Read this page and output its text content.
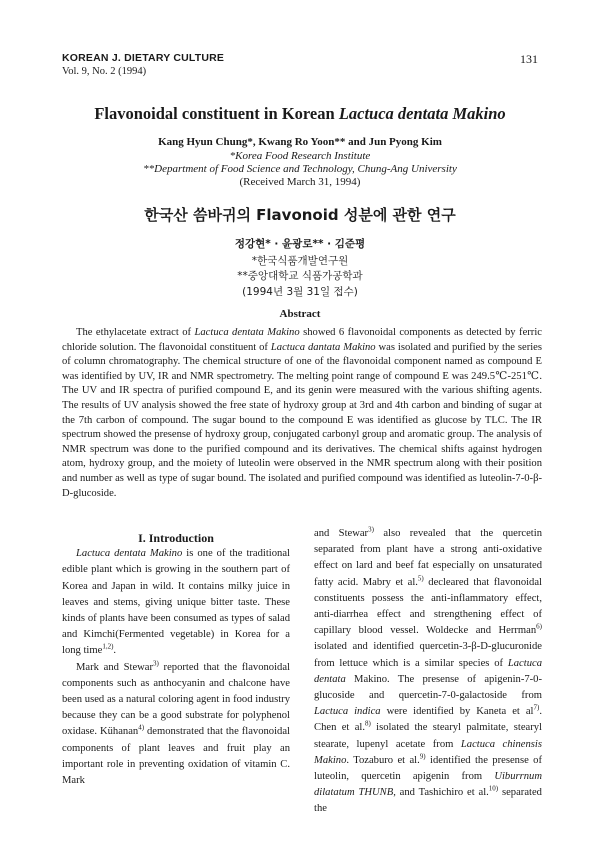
KOREAN J. DIETARY CULTURE
Vol. 9, No. 2 (1994)
131
Flavonoidal constituent in Korean Lactuca dentata Makino
Kang Hyun Chung*, Kwang Ro Yoon** and Jun Pyong Kim
*Korea Food Research Institute
**Department of Food Science and Technology, Chung-Ang University
(Received March 31, 1994)
한국산 씀바귀의 Flavonoid 성분에 관한 연구
정강현* · 윤광로** · 김준평
*한국식품개발연구원
**중앙대학교 식품가공학과
(1994년 3월 31일 접수)
Abstract

The ethylacetate extract of Lactuca dentata Makino showed 6 flavonoidal components as detected by ferric chloride solution. The flavonoidal constituent of Lactuca dantata Makino was isolated and purified by the series of column chromatography. The chemical structure of one of the flavonoidal component named as compound E was identified by UV, IR and NMR spectrometry. The melting point range of compound E was 249.5℃-251℃. The UV and IR spectra of purified compound E, and its genin were measured with the various shifting agents. The results of UV analysis showed the free state of hydroxy group at 3rd and 4th carbon and binding of sugar at the 7th carbon of compound. The sugar bound to the compound E was identified as glucose by TLC. The IR spectrum showed the presense of hydroxy group, conjugated carbonyl group and aromatic group. The analysis of NMR spectrum was done to the purified compound and its derivatives. The chemical shifts against hydrogen atom, hydroxy group, and the moiety of luteolin were observed in the NMR spectrum along with their position and number as well as type of sugar bound. The isolated and purified compound was identified as luteolin-7-0-β-D-glucoside.

I. Introduction

Lactuca dentata Makino is one of the traditional edible plant which is growing in the southern part of Korea and Japan in wild. It contains milky juice in leaves and stems, giving unique bitter taste. These kinds of plants have been consumed as types of salad and Kimchi(Fermented vegetable) in Korea for a long time$^{1,2)}$.

Mark and Stewar$^{3)}$ reported that the flavonoidal components such as anthocyanin and chalcone have been used as a natural coloring agent in food industry because they can be a good substrate for polyphenol oxidase. Kühanan$^{4)}$ demonstrated that the flavonoidal components of plant leaves and fruit play an important role in preventing oxidation of vitamin C. Mark

and Stewar$^{3)}$ also revealed that the quercetin separated from plant have a strong anti-oxidative effect on lard and beef fat especially on unsaturated fatty acid. Mabry et al.$^{5)}$ decleared that flavonoidal constituents possess the anti-inflammatory effect, anti-diarrhea effect and strengthening effect of capillary blood vessel. Woldecke and Herrman$^{6)}$ isolated and identified quercetin-3-β-D-glucuronide from lettuce which is a similar species of Lactuca dentata Makino. The presense of apigenin-7-0-glucoside and quercetin-7-0-galactoside from Lactuca indica were identified by Kaneta et $al^{7)}$. Chen et al.$^{8)}$ isolated the stearyl palmitate, stearyl stearate, lupenyl acetate from Lactuca chinensis Makino. Tozaburo et al.$^{9)}$ identified the presense of luteolin, quercetin apigenin from Uiburrnum dilatatum THUNB, and Tashichiro et al.$^{10)}$ separated the
